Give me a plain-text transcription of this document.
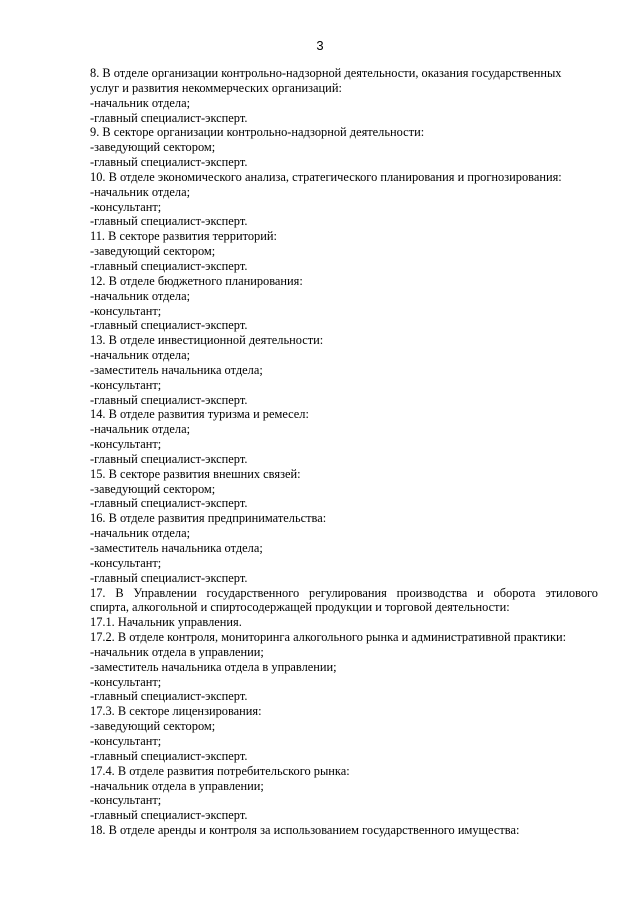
3
8. В отделе организации контрольно-надзорной деятельности, оказания государственных
услуг и развития некоммерческих организаций:
-начальник отдела;
-главный специалист-эксперт.
9. В секторе организации контрольно-надзорной деятельности:
-заведующий сектором;
-главный специалист-эксперт.
10. В отделе экономического анализа, стратегического планирования и прогнозирования:
-начальник отдела;
-консультант;
-главный специалист-эксперт.
11. В секторе развития территорий:
-заведующий сектором;
-главный специалист-эксперт.
12. В отделе бюджетного планирования:
-начальник отдела;
-консультант;
-главный специалист-эксперт.
13. В отделе инвестиционной деятельности:
-начальник отдела;
-заместитель начальника отдела;
-консультант;
-главный специалист-эксперт.
14. В отделе развития туризма и ремесел:
-начальник отдела;
-консультант;
-главный специалист-эксперт.
15. В секторе развития внешних связей:
-заведующий сектором;
-главный специалист-эксперт.
16. В отделе развития предпринимательства:
-начальник отдела;
-заместитель начальника отдела;
-консультант;
-главный специалист-эксперт.
17. В Управлении государственного регулирования производства и оборота этилового
спирта, алкогольной и спиртосодержащей продукции и торговой деятельности:
17.1. Начальник управления.
17.2. В отделе контроля, мониторинга алкогольного рынка и административной практики:
-начальник отдела в управлении;
-заместитель начальника отдела в управлении;
-консультант;
-главный специалист-эксперт.
17.3. В секторе лицензирования:
-заведующий сектором;
-консультант;
-главный специалист-эксперт.
17.4. В отделе развития потребительского рынка:
-начальник отдела в управлении;
-консультант;
-главный специалист-эксперт.
18. В отделе аренды и контроля за использованием государственного имущества:
